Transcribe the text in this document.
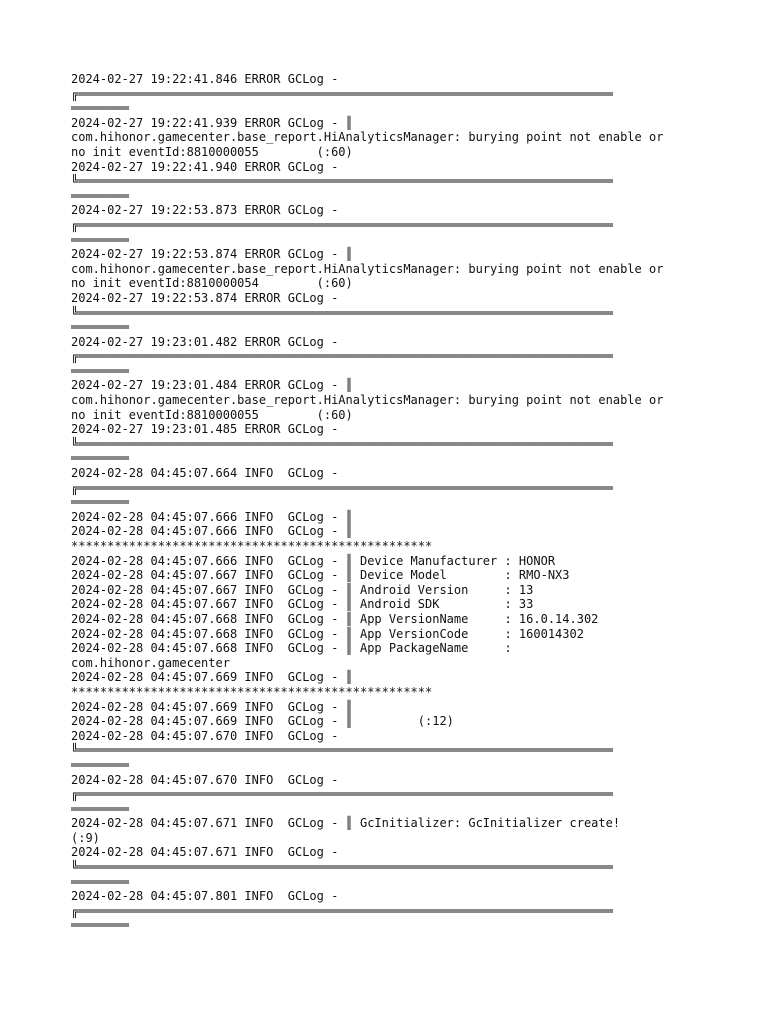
2024-02-27 19:22:41.846 ERROR GCLog -
╔══════════════════════════════════════════════════════════════════════════
════════
2024-02-27 19:22:41.939 ERROR GCLog - ║
com.hihonor.gamecenter.base_report.HiAnalyticsManager: burying point not enable or
no init eventId:8810000055        (:60)
2024-02-27 19:22:41.940 ERROR GCLog -
╚══════════════════════════════════════════════════════════════════════════
════════
2024-02-27 19:22:53.873 ERROR GCLog -
╔══════════════════════════════════════════════════════════════════════════
════════
2024-02-27 19:22:53.874 ERROR GCLog - ║
com.hihonor.gamecenter.base_report.HiAnalyticsManager: burying point not enable or
no init eventId:8810000054        (:60)
2024-02-27 19:22:53.874 ERROR GCLog -
╚══════════════════════════════════════════════════════════════════════════
════════
2024-02-27 19:23:01.482 ERROR GCLog -
╔══════════════════════════════════════════════════════════════════════════
════════
2024-02-27 19:23:01.484 ERROR GCLog - ║
com.hihonor.gamecenter.base_report.HiAnalyticsManager: burying point not enable or
no init eventId:8810000055        (:60)
2024-02-27 19:23:01.485 ERROR GCLog -
╚══════════════════════════════════════════════════════════════════════════
════════
2024-02-28 04:45:07.664 INFO  GCLog -
╔══════════════════════════════════════════════════════════════════════════
════════
2024-02-28 04:45:07.666 INFO  GCLog - ║
2024-02-28 04:45:07.666 INFO  GCLog - ║
**************************************************
2024-02-28 04:45:07.666 INFO  GCLog - ║ Device Manufacturer : HONOR
2024-02-28 04:45:07.667 INFO  GCLog - ║ Device Model        : RMO-NX3
2024-02-28 04:45:07.667 INFO  GCLog - ║ Android Version     : 13
2024-02-28 04:45:07.667 INFO  GCLog - ║ Android SDK         : 33
2024-02-28 04:45:07.668 INFO  GCLog - ║ App VersionName     : 16.0.14.302
2024-02-28 04:45:07.668 INFO  GCLog - ║ App VersionCode     : 160014302
2024-02-28 04:45:07.668 INFO  GCLog - ║ App PackageName     :
com.hihonor.gamecenter
2024-02-28 04:45:07.669 INFO  GCLog - ║
**************************************************
2024-02-28 04:45:07.669 INFO  GCLog - ║
2024-02-28 04:45:07.669 INFO  GCLog - ║         (:12)
2024-02-28 04:45:07.670 INFO  GCLog -
╚══════════════════════════════════════════════════════════════════════════
════════
2024-02-28 04:45:07.670 INFO  GCLog -
╔══════════════════════════════════════════════════════════════════════════
════════
2024-02-28 04:45:07.671 INFO  GCLog - ║ GcInitializer: GcInitializer create!
(:9)
2024-02-28 04:45:07.671 INFO  GCLog -
╚══════════════════════════════════════════════════════════════════════════
════════
2024-02-28 04:45:07.801 INFO  GCLog -
╔══════════════════════════════════════════════════════════════════════════
════════
